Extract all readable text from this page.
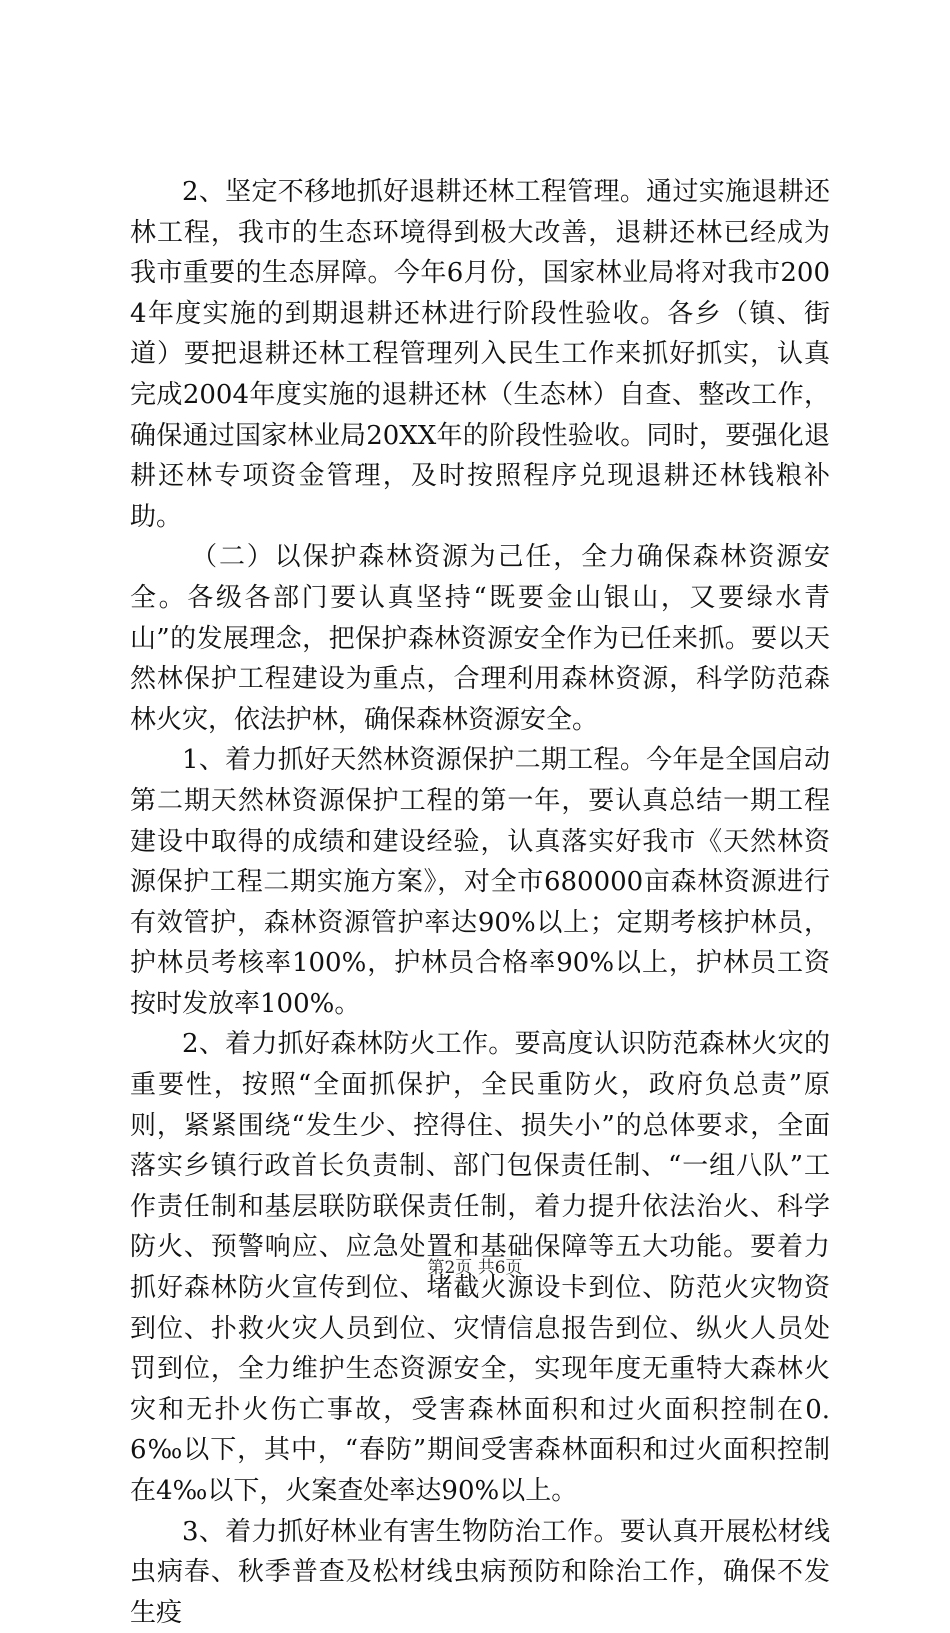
2、坚定不移地抓好退耕还林工程管理。通过实施退耕还林工程，我市的生态环境得到极大改善，退耕还林已经成为我市重要的生态屏障。今年6月份，国家林业局将对我市2004年度实施的到期退耕还林进行阶段性验收。各乡（镇、街道）要把退耕还林工程管理列入民生工作来抓好抓实，认真完成2004年度实施的退耕还林（生态林）自查、整改工作，确保通过国家林业局20XX年的阶段性验收。同时，要强化退耕还林专项资金管理，及时按照程序兑现退耕还林钱粮补助。

（二）以保护森林资源为己任，全力确保森林资源安全。各级各部门要认真坚持“既要金山银山，又要绿水青山”的发展理念，把保护森林资源安全作为已任来抓。要以天然林保护工程建设为重点，合理利用森林资源，科学防范森林火灾，依法护林，确保森林资源安全。

1、着力抓好天然林资源保护二期工程。今年是全国启动第二期天然林资源保护工程的第一年，要认真总结一期工程建设中取得的成绩和建设经验，认真落实好我市《天然林资源保护工程二期实施方案》，对全市680000亩森林资源进行有效管护，森林资源管护率达90%以上；定期考核护林员，护林员考核率100%，护林员合格率90%以上，护林员工资按时发放率100%。

2、着力抓好森林防火工作。要高度认识防范森林火灾的重要性，按照“全面抓保护，全民重防火，政府负总责”原则，紧紧围绕“发生少、控得住、损失小”的总体要求，全面落实乡镇行政首长负责制、部门包保责任制、“一组八队”工作责任制和基层联防联保责任制，着力提升依法治火、科学防火、预警响应、应急处置和基础保障等五大功能。要着力抓好森林防火宣传到位、堵截火源设卡到位、防范火灾物资到位、扑救火灾人员到位、灾情信息报告到位、纵火人员处罚到位，全力维护生态资源安全，实现年度无重特大森林火灾和无扑火伤亡事故，受害森林面积和过火面积控制在0.6‰以下，其中，“春防”期间受害森林面积和过火面积控制在4‰以下，火案查处率达90%以上。

3、着力抓好林业有害生物防治工作。要认真开展松材线虫病春、秋季普查及松材线虫病预防和除治工作，确保不发生疫

第2页 共6页
